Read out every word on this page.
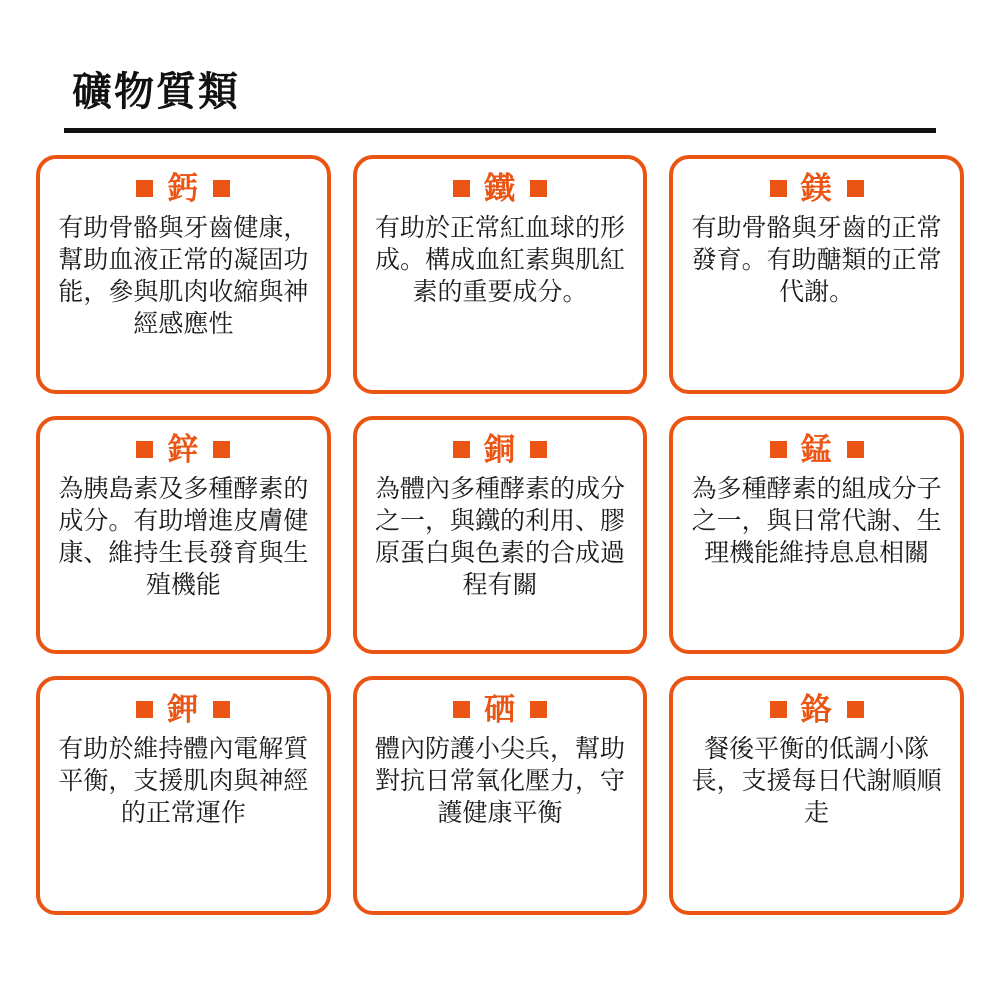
礦物質類
鈣
有助骨骼與牙齒健康，幫助血液正常的凝固功能，參與肌肉收縮與神經感應性
鐵
有助於正常紅血球的形成。構成血紅素與肌紅素的重要成分。
鎂
有助骨骼與牙齒的正常發育。有助醣類的正常代謝。
鋅
為胰島素及多種酵素的成分。有助增進皮膚健康、維持生長發育與生殖機能
銅
為體內多種酵素的成分之一，與鐵的利用、膠原蛋白與色素的合成過程有關
錳
為多種酵素的組成分子之一，與日常代謝、生理機能維持息息相關
鉀
有助於維持體內電解質平衡，支援肌肉與神經的正常運作
硒
體內防護小尖兵，幫助對抗日常氧化壓力，守護健康平衡
鉻
餐後平衡的低調小隊長，支援每日代謝順順走
